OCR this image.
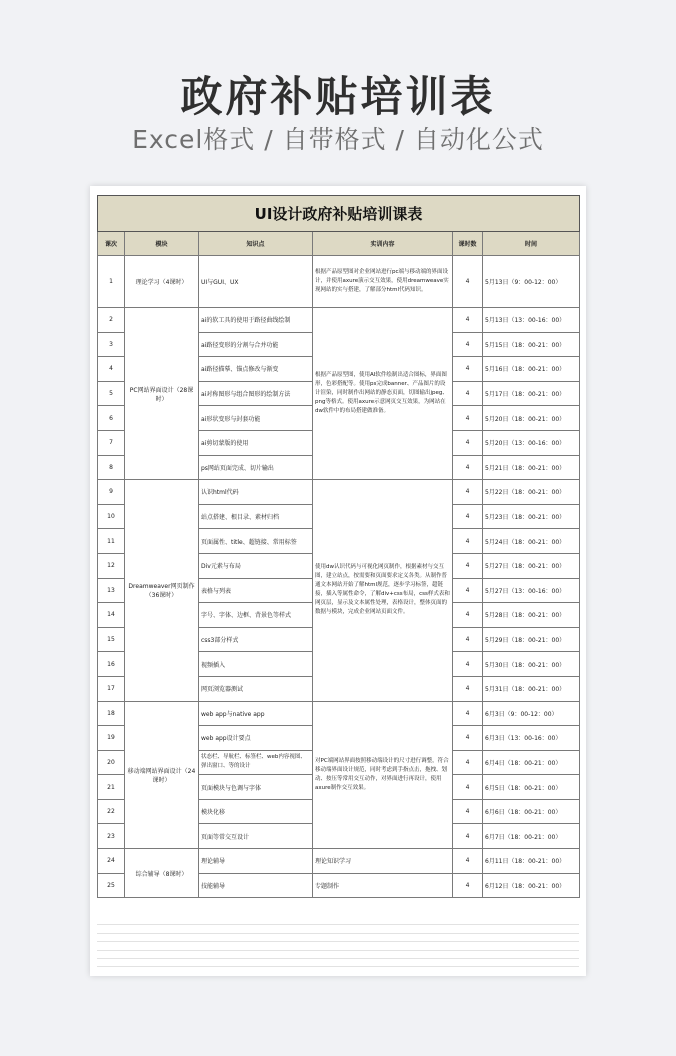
政府补贴培训表
Excel格式 / 自带格式 / 自动化公式
UI设计政府补贴培训课表					
课次	模块	知识点	实训内容	课时数	时间
1	理论学习（4课时）	UI与GUI、UX	根据产品原型图对企业网站进行pc端与移动端的界面设计，并使用axure演示交互效果，使用dreamweave实现网站的实与搭建，了解部分html代码知识。	4	5月13日（9：00-12：00）
2	PC网站界面设计（28课时）	ai的软工具的使用于路径曲线绘制	根据产品原型图，使用AI软件绘制出适合图标，界面图形，色彩搭配等。使用ps完成banner、产品图片的设计渲染，同时制作出网站的静态页面，切图输出jpeg、png等格式。使用axure示意网页交互效果，为网站在dw软件中的布局搭建做准备。	4	5月13日（13：00-16：00）
3		ai路径变形的分割与合并功能		4	5月15日（18：00-21：00）
4		ai路径描摹、锚点修改与渐变		4	5月16日（18：00-21：00）
5		ai对称图形与组合图形的绘制方法		4	5月17日（18：00-21：00）
6		ai形状变形与封套功能		4	5月20日（18：00-21：00）
7		ai剪切蒙版的使用		4	5月20日（13：00-16：00）
8		ps网站页面完成、切片输出		4	5月21日（18：00-21：00）
9	Dreamweaver网页制作（36课时）	认识html代码	使用dw认识代码与可视化网页制作，根据素材与交互图，建立站点，按需要和页面要求定义各类。从制作普通文本网站开始了解html规范，逐步学习标签，超链接，插入等属性命令，了解div+css布局，css样式表和网页层，显示及文本属性处理，表格设计，整体页面的数据与模块，完成企业网站页面文件。	4	5月22日（18：00-21：00）
10		站点搭建、根目录、素材归档		4	5月23日（18：00-21：00）
11		页面属性、title、超链接、常用标签		4	5月24日（18：00-21：00）
12		Div元素与布局		4	5月27日（18：00-21：00）
13		表格与列表		4	5月27日（13：00-16：00）
14		字号、字体、边框、背景色等样式		4	5月28日（18：00-21：00）
15		css3部分样式		4	5月29日（18：00-21：00）
16		视频插入		4	5月30日（18：00-21：00）
17		网页浏览器测试		4	5月31日（18：00-21：00）
18	移动端网站界面设计（24课时）	web app与native app	对PC端网站界面按照移动端设计的尺寸进行调整，符合移动端界面设计规范，同时考虑到手指点击，拖拽、划动、按压等常用交互动作，对界面进行再设计，使用axure制作交互效果。	4	6月3日（9：00-12：00）
19		web app设计要点		4	6月3日（13：00-16：00）
20		状态栏、导航栏、标签栏、web内容视图、弹出窗口、等的设计		4	6月4日（18：00-21：00）
21		页面模块与色调与字体		4	6月5日（18：00-21：00）
22		模块化移		4	6月6日（18：00-21：00）
23		页面等常交互设计		4	6月7日（18：00-21：00）
24	综合辅导（8课时）	理论辅导	理论知识学习	4	6月11日（18：00-21：00）
25		技能辅导	专题制作	4	6月12日（18：00-21：00）
